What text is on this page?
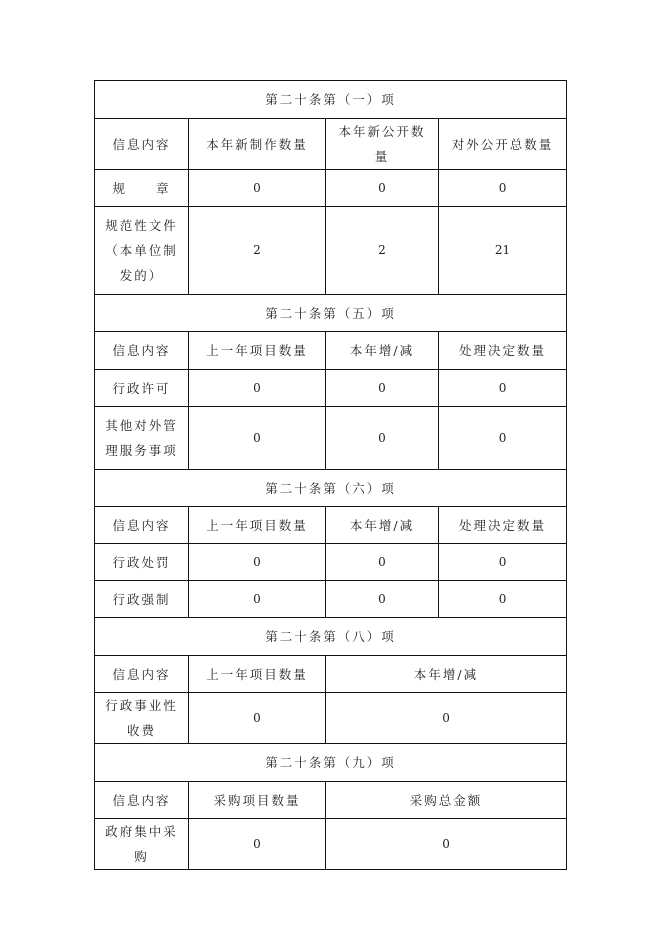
第二十条第（一）项			
信息内容	本年新制作数量	本年新公开数量	对外公开总数量
规　　章	0	0	0
规范性文件（本单位制发的）	2	2	21
第二十条第（五）项			
信息内容	上一年项目数量	本年增/减	处理决定数量
行政许可	0	0	0
其他对外管理服务事项	0	0	0
第二十条第（六）项			
信息内容	上一年项目数量	本年增/减	处理决定数量
行政处罚	0	0	0
行政强制	0	0	0
第二十条第（八）项			
信息内容	上一年项目数量	本年增/减	
行政事业性收费	0	0	
第二十条第（九）项			
信息内容	采购项目数量	采购总金额	
政府集中采购	0	0	
